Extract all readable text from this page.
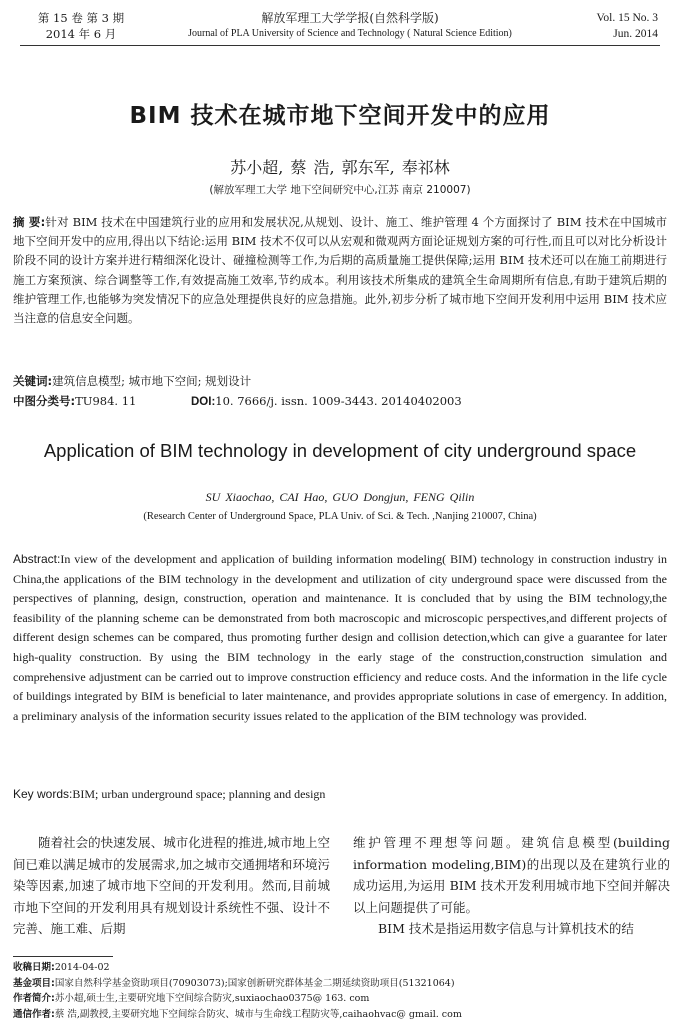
第 15 卷 第 3 期
2014 年 6 月
解放军理工大学学报(自然科学版)
Journal of PLA University of Science and Technology ( Natural Science Edition)
Vol. 15 No. 3
Jun. 2014
BIM 技术在城市地下空间开发中的应用
苏小超, 蔡 浩, 郭东军, 奉祁林
(解放军理工大学 地下空间研究中心,江苏 南京 210007)
摘 要:针对 BIM 技术在中国建筑行业的应用和发展状况,从规划、设计、施工、维护管理 4 个方面探讨了 BIM 技术在中国城市地下空间开发中的应用,得出以下结论:运用 BIM 技术不仅可以从宏观和微观两方面论证规划方案的可行性,而且可以对比分析设计阶段不同的设计方案并进行精细深化设计、碰撞检测等工作,为后期的高质量施工提供保障;运用 BIM 技术还可以在施工前期进行施工方案预演、综合调整等工作,有效提高施工效率,节约成本。利用该技术所集成的建筑全生命周期所有信息,有助于建筑后期的维护管理工作,也能够为突发情况下的应急处理提供良好的应急措施。此外,初步分析了城市地下空间开发利用中运用 BIM 技术应当注意的信息安全问题。
关键词:建筑信息模型; 城市地下空间; 规划设计
中图分类号:TU984. 11	DOI:10. 7666/j. issn. 1009-3443. 20140402003
Application of BIM technology in development of city underground space
SU Xiaochao, CAI Hao, GUO Dongjun, FENG Qilin
(Research Center of Underground Space, PLA Univ. of Sci. & Tech. ,Nanjing 210007, China)
Abstract:In view of the development and application of building information modeling( BIM) technology in construction industry in China,the applications of the BIM technology in the development and utilization of city underground space were discussed from the perspectives of planning, design, construction, operation and maintenance. It is concluded that by using the BIM technology,the feasibility of the planning scheme can be demonstrated from both macroscopic and microscopic perspectives,and different projects of different design schemes can be compared, thus promoting further design and collision detection,which can give a guarantee for later high-quality construction. By using the BIM technology in the early stage of the construction,construction simulation and comprehensive adjustment can be carried out to improve construction efficiency and reduce costs. And the information in the life cycle of buildings integrated by BIM is beneficial to later maintenance, and provides appropriate solutions in case of emergency. In addition, a preliminary analysis of the information security issues related to the application of the BIM technology was provided.
Key words:BIM; urban underground space; planning and design

随着社会的快速发展、城市化进程的推进,城市地上空间已难以满足城市的发展需求,加之城市交通拥堵和环境污染等因素,加速了城市地下空间的开发利用。然而,目前城市地下空间的开发利用具有规划设计系统性不强、设计不完善、施工难、后期

维护管理不理想等问题。建筑信息模型(building information modeling,BIM)的出现以及在建筑行业的成功运用,为运用 BIM 技术开发利用城市地下空间并解决以上问题提供了可能。

BIM 技术是指运用数字信息与计算机技术的结

收稿日期:2014-04-02
基金项目:国家自然科学基金资助项目(70903073);国家创新研究群体基金二期延续资助项目(51321064)
作者简介:苏小超,硕士生,主要研究地下空间综合防灾,suxiaochao0375@ 163. com
通信作者:蔡 浩,副教授,主要研究地下空间综合防灾、城市与生命线工程防灾等,caihaohvac@ gmail. com
